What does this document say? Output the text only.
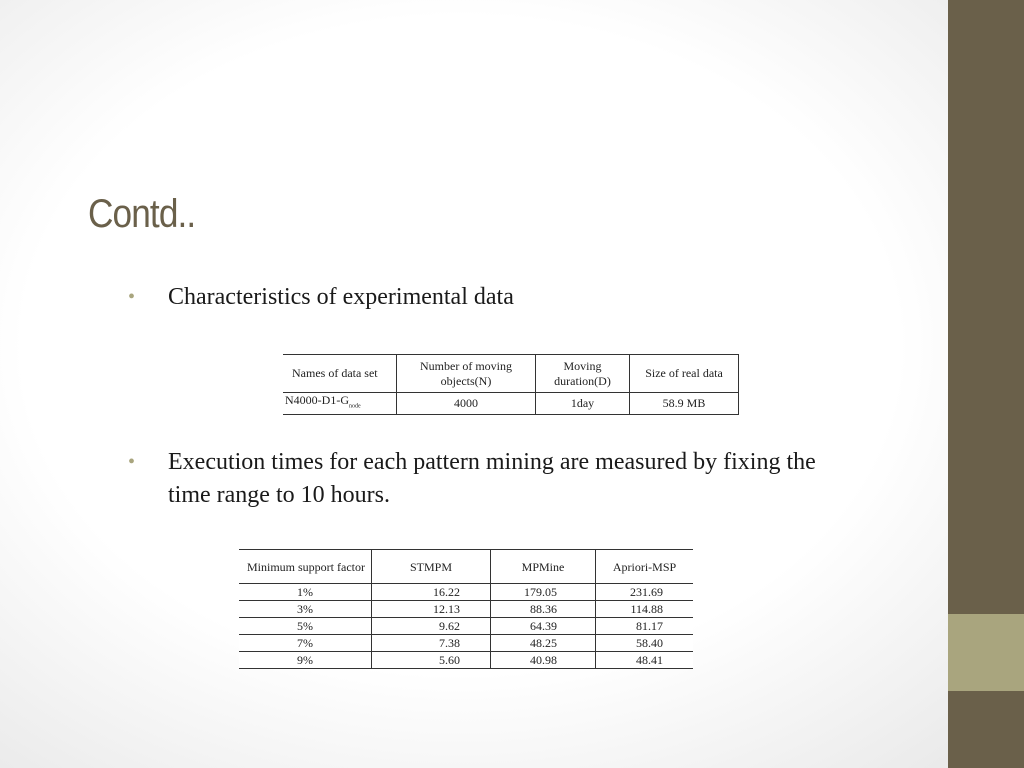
Contd..
• Characteristics of experimental data
Names of data set	Number of moving objects(N)	Moving duration(D)	Size of real data
$N4000-D1-G_{node}$	4000	1day	58.9 MB
• Execution times for each pattern mining are measured by fixing the time range to 10 hours.
Minimum support factor	STMPM	MPMine	Apriori-MSP
1%	16.22	179.05	231.69
3%	12.13	88.36	114.88
5%	9.62	64.39	81.17
7%	7.38	48.25	58.40
9%	5.60	40.98	48.41
